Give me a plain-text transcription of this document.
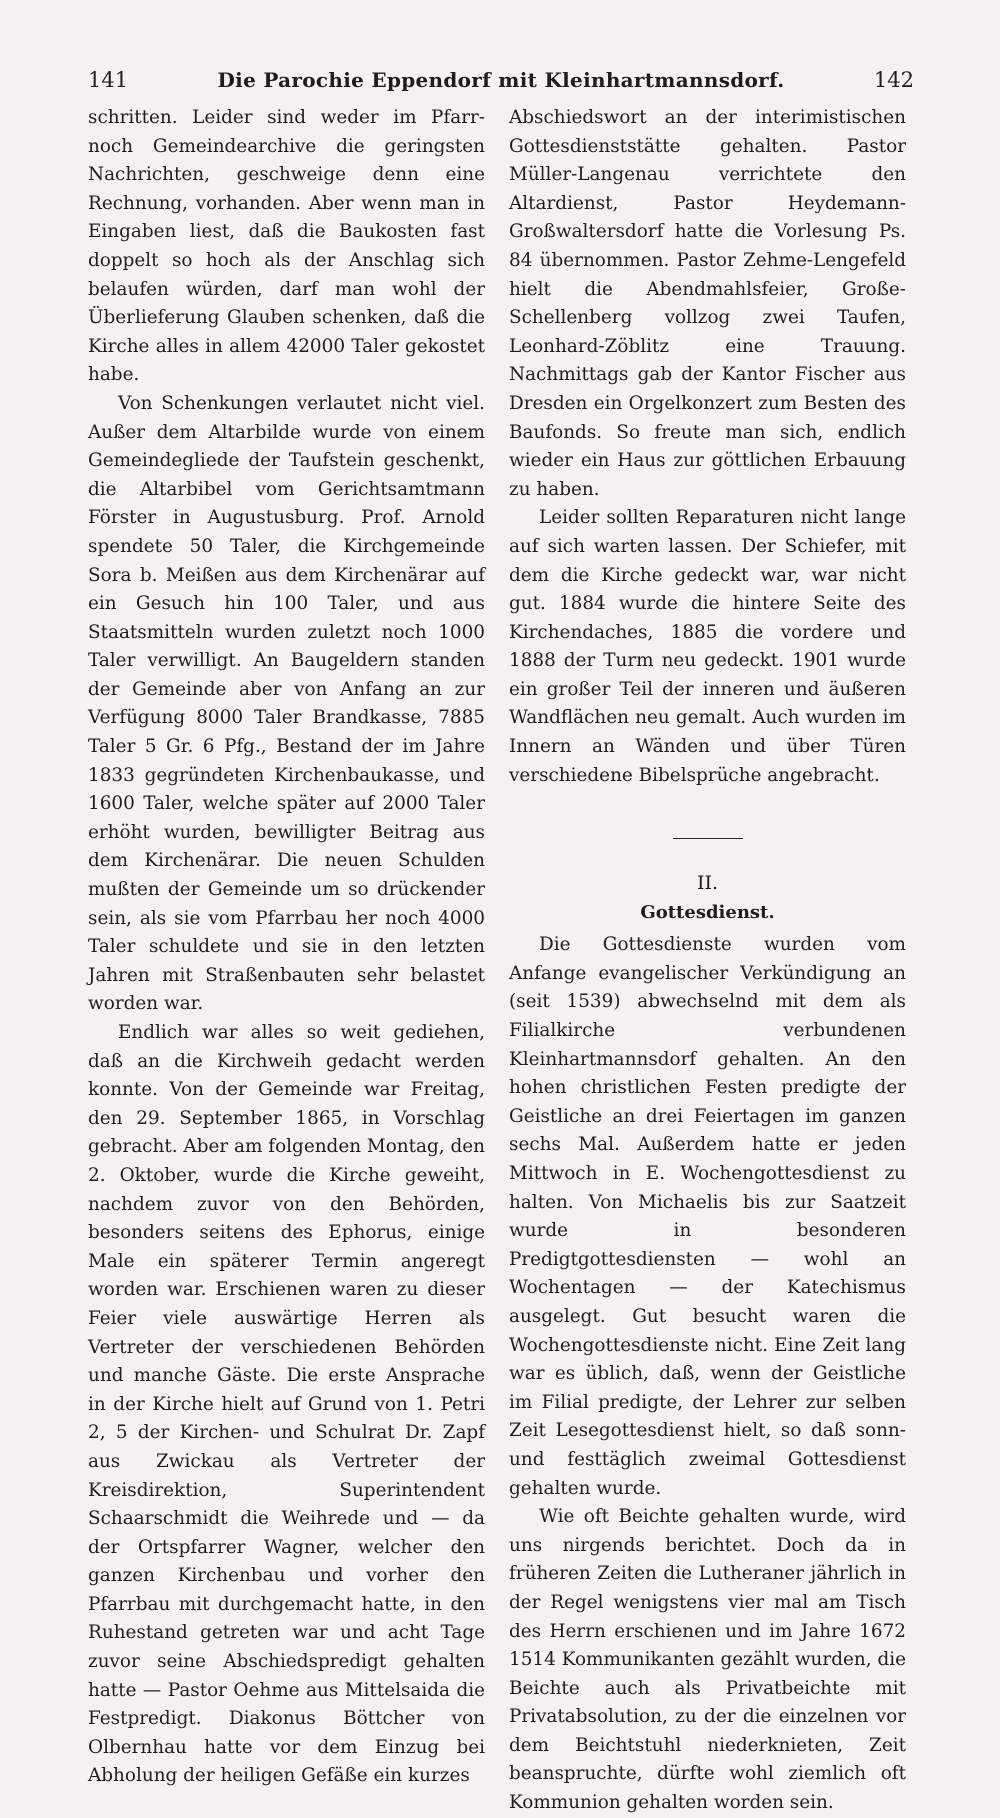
141	Die Parochie Eppendorf mit Kleinhartmannsdorf.	142

schritten. Leider sind weder im Pfarr- noch Gemeindearchive die geringsten Nachrichten, geschweige denn eine Rechnung, vorhanden. Aber wenn man in Eingaben liest, daß die Baukosten fast doppelt so hoch als der Anschlag sich belaufen würden, darf man wohl der Überlieferung Glauben schenken, daß die Kirche alles in allem 42000 Taler gekostet habe.

Von Schenkungen verlautet nicht viel. Außer dem Altarbilde wurde von einem Gemeindegliede der Taufstein geschenkt, die Altarbibel vom Gerichtsamtmann Förster in Augustusburg. Prof. Arnold spendete 50 Taler, die Kirchgemeinde Sora b. Meißen aus dem Kirchenärar auf ein Gesuch hin 100 Taler, und aus Staatsmitteln wurden zuletzt noch 1000 Taler verwilligt. An Baugeldern standen der Gemeinde aber von Anfang an zur Verfügung 8000 Taler Brandkasse, 7885 Taler 5 Gr. 6 Pfg., Bestand der im Jahre 1833 gegründeten Kirchenbaukasse, und 1600 Taler, welche später auf 2000 Taler erhöht wurden, bewilligter Beitrag aus dem Kirchenärar. Die neuen Schulden mußten der Gemeinde um so drückender sein, als sie vom Pfarrbau her noch 4000 Taler schuldete und sie in den letzten Jahren mit Straßenbauten sehr belastet worden war.

Endlich war alles so weit gediehen, daß an die Kirchweih gedacht werden konnte. Von der Gemeinde war Freitag, den 29. September 1865, in Vorschlag gebracht. Aber am folgenden Montag, den 2. Oktober, wurde die Kirche geweiht, nachdem zuvor von den Behörden, besonders seitens des Ephorus, einige Male ein späterer Termin angeregt worden war. Erschienen waren zu dieser Feier viele auswärtige Herren als Vertreter der verschiedenen Behörden und manche Gäste. Die erste Ansprache in der Kirche hielt auf Grund von 1. Petri 2, 5 der Kirchen- und Schulrat Dr. Zapf aus Zwickau als Vertreter der Kreisdirektion, Superintendent Schaarschmidt die Weihrede und — da der Ortspfarrer Wagner, welcher den ganzen Kirchenbau und vorher den Pfarrbau mit durchgemacht hatte, in den Ruhestand getreten war und acht Tage zuvor seine Abschiedspredigt gehalten hatte — Pastor Oehme aus Mittelsaida die Festpredigt. Diakonus Böttcher von Olbernhau hatte vor dem Einzug bei Abholung der heiligen Gefäße ein kurzes

Abschiedswort an der interimistischen Gottesdienststätte gehalten. Pastor Müller-Langenau verrichtete den Altardienst, Pastor Heydemann-Großwaltersdorf hatte die Vorlesung Ps. 84 übernommen. Pastor Zehme-Lengefeld hielt die Abendmahlsfeier, Große-Schellenberg vollzog zwei Taufen, Leonhard-Zöblitz eine Trauung. Nachmittags gab der Kantor Fischer aus Dresden ein Orgelkonzert zum Besten des Baufonds. So freute man sich, endlich wieder ein Haus zur göttlichen Erbauung zu haben.

Leider sollten Reparaturen nicht lange auf sich warten lassen. Der Schiefer, mit dem die Kirche gedeckt war, war nicht gut. 1884 wurde die hintere Seite des Kirchendaches, 1885 die vordere und 1888 der Turm neu gedeckt. 1901 wurde ein großer Teil der inneren und äußeren Wandflächen neu gemalt. Auch wurden im Innern an Wänden und über Türen verschiedene Bibelsprüche angebracht.

II.
Gottesdienst.

Die Gottesdienste wurden vom Anfange evangelischer Verkündigung an (seit 1539) abwechselnd mit dem als Filialkirche verbundenen Kleinhartmannsdorf gehalten. An den hohen christlichen Festen predigte der Geistliche an drei Feiertagen im ganzen sechs Mal. Außerdem hatte er jeden Mittwoch in E. Wochengottesdienst zu halten. Von Michaelis bis zur Saatzeit wurde in besonderen Predigtgottesdiensten — wohl an Wochentagen — der Katechismus ausgelegt. Gut besucht waren die Wochengottesdienste nicht. Eine Zeit lang war es üblich, daß, wenn der Geistliche im Filial predigte, der Lehrer zur selben Zeit Lesegottesdienst hielt, so daß sonn- und festtäglich zweimal Gottesdienst gehalten wurde.

Wie oft Beichte gehalten wurde, wird uns nirgends berichtet. Doch da in früheren Zeiten die Lutheraner jährlich in der Regel wenigstens vier mal am Tisch des Herrn erschienen und im Jahre 1672 1514 Kommunikanten gezählt wurden, die Beichte auch als Privatbeichte mit Privatabsolution, zu der die einzelnen vor dem Beichtstuhl niederknieten, Zeit beanspruchte, dürfte wohl ziemlich oft Kommunion gehalten worden sein.
